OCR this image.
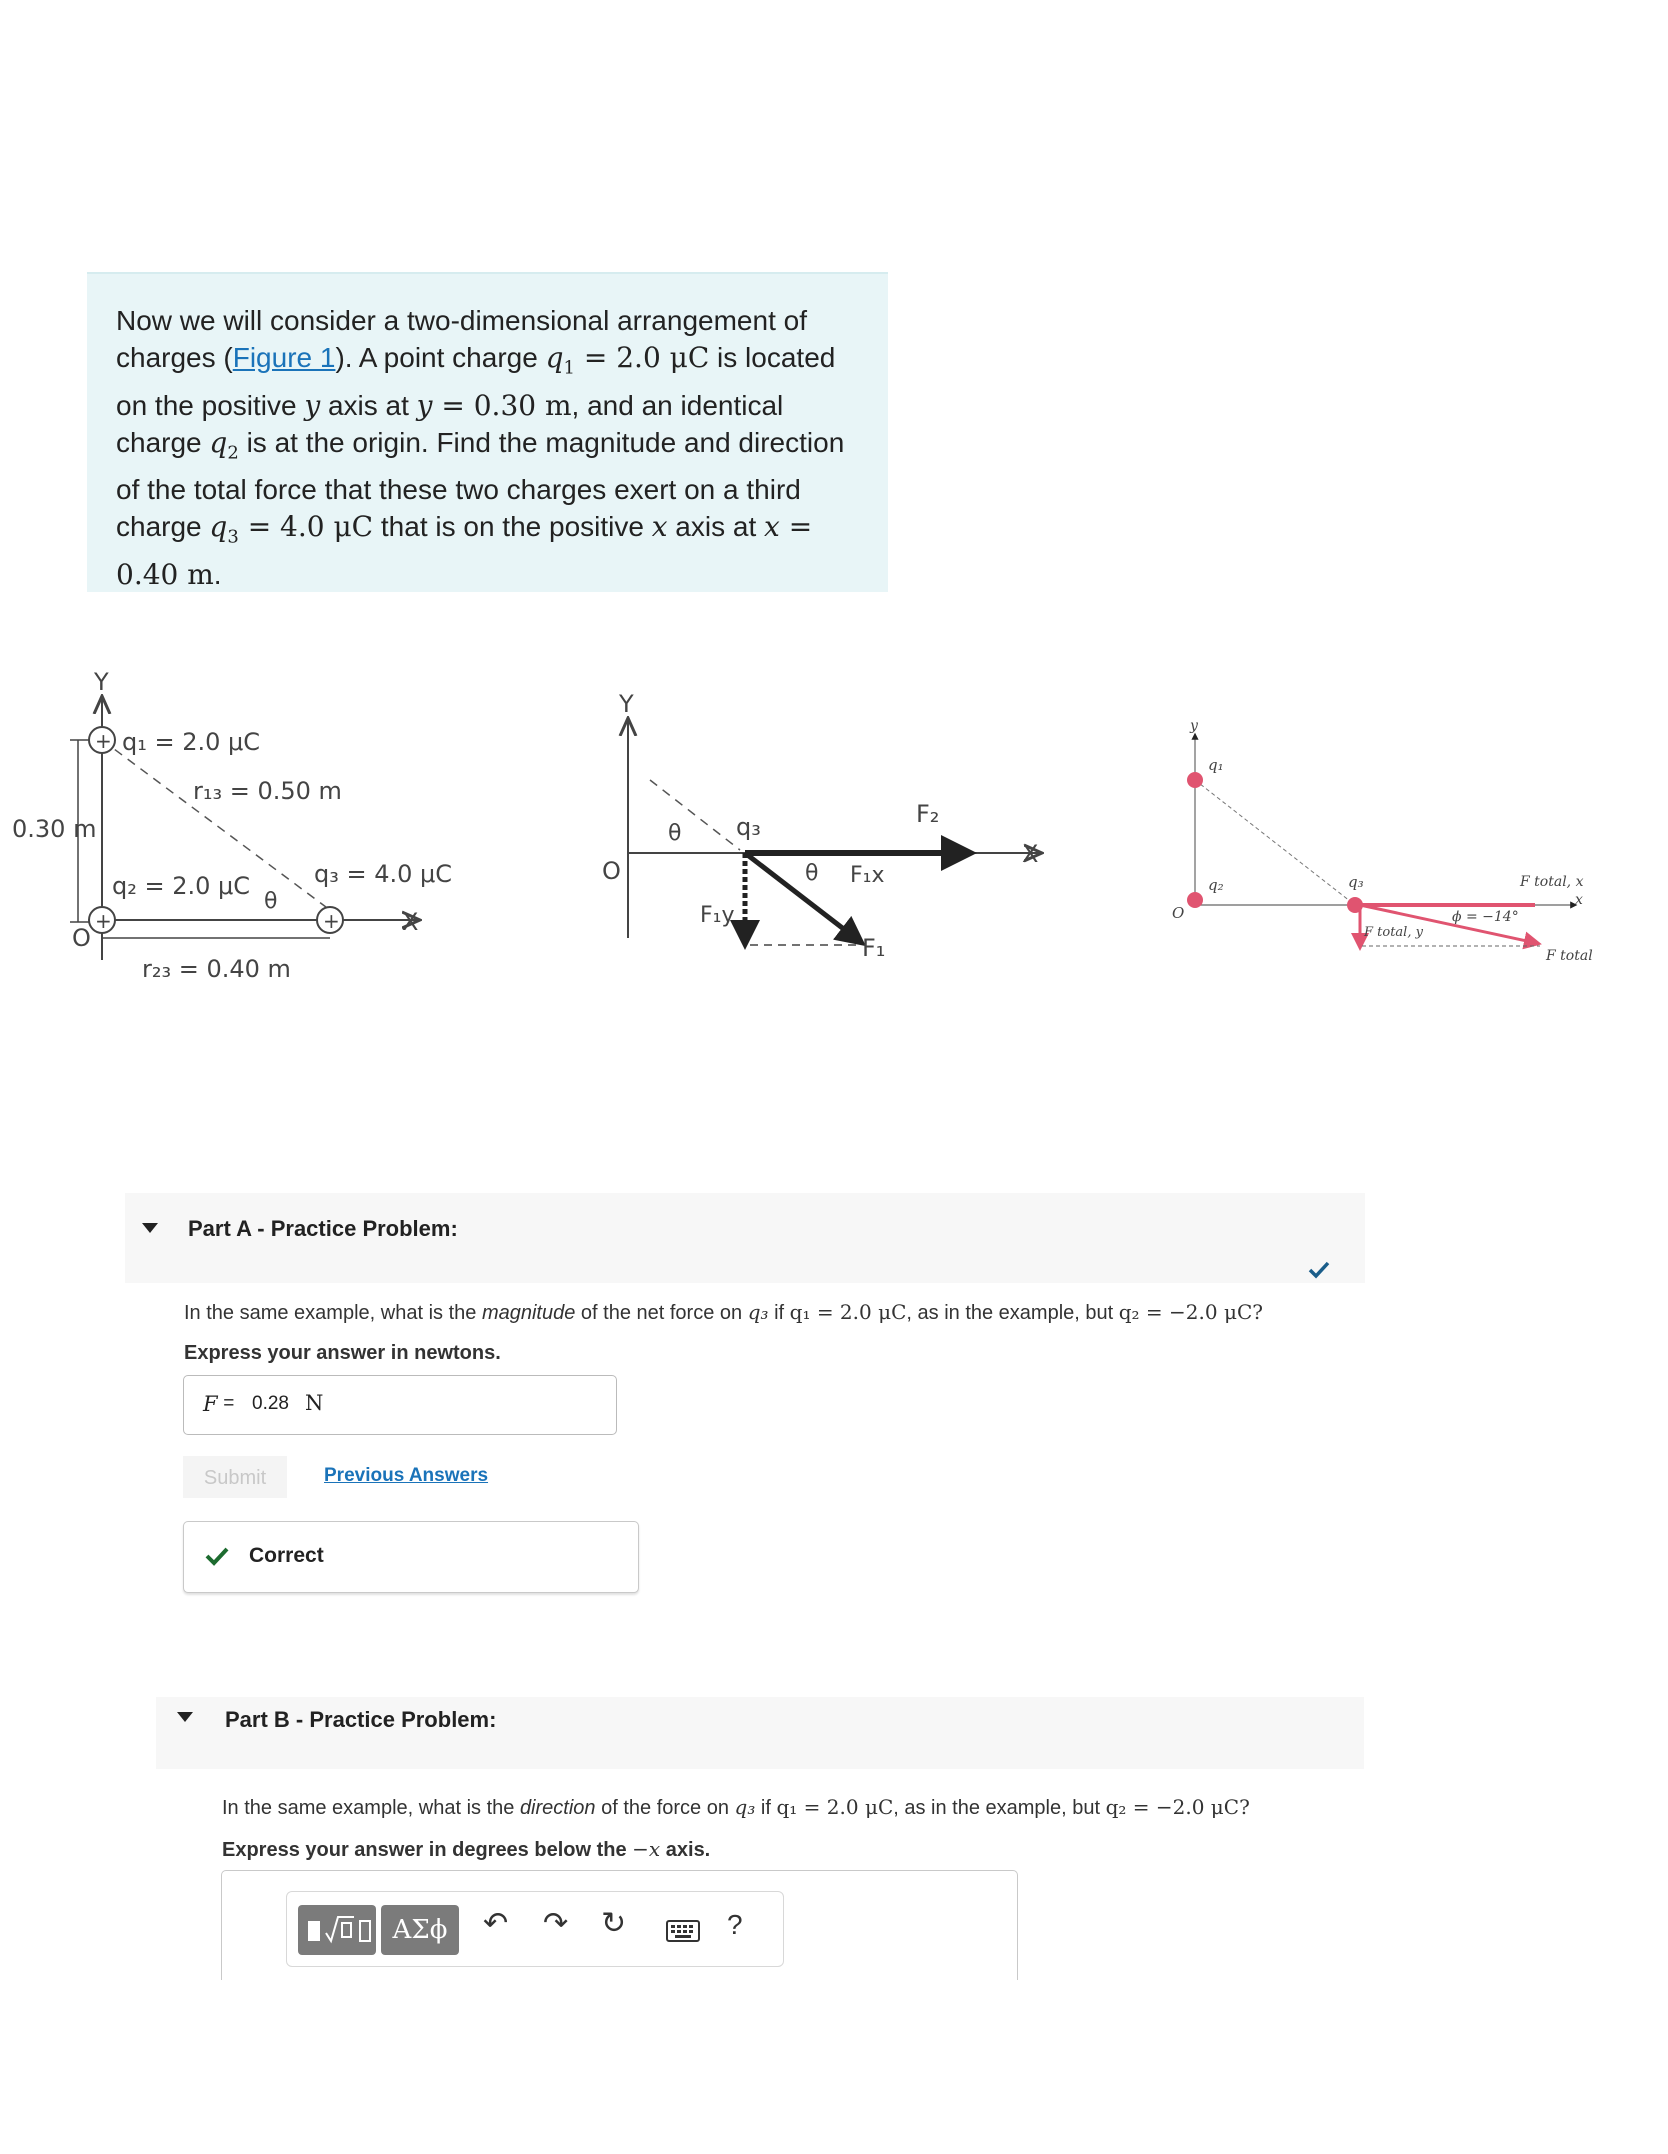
Now we will consider a two-dimensional arrangement of charges (Figure 1). A point charge $q_1 = 2.0$ μC is located on the positive y axis at y = 0.30 m, and an identical charge $q_2$ is at the origin. Find the magnitude and direction of the total force that these two charges exert on a third charge $q_3 = 4.0$ μC that is on the positive x axis at x = 0.40 m.
Y
X
O
0.30 m
+ q₁ = 2.0 μC
r₁₃ = 0.50 m
+
q₂ = 2.0 μC
+
q₃ = 4.0 μC
θ
r₂₃ = 0.40 m
Y
X
O
θ q₃	F₂
F₁x
F₁y
θ
F₁
y
x
O
q₁
q₂	q₃	F total, x
F total, y
ϕ = −14°
F total
Part A - Practice Problem:
In the same example, what is the magnitude of the net force on q₃ if q₁ = 2.0 μC, as in the example, but q₂ = −2.0 μC?
Express your answer in newtons.
F = 0.28 N
Submit	Previous Answers
Correct
Part B - Practice Problem:
In the same example, what is the direction of the force on q₃ if q₁ = 2.0 μC, as in the example, but q₂ = −2.0 μC?
Express your answer in degrees below the −x axis.
ΑΣϕ	↶ ↷ ↻	?
